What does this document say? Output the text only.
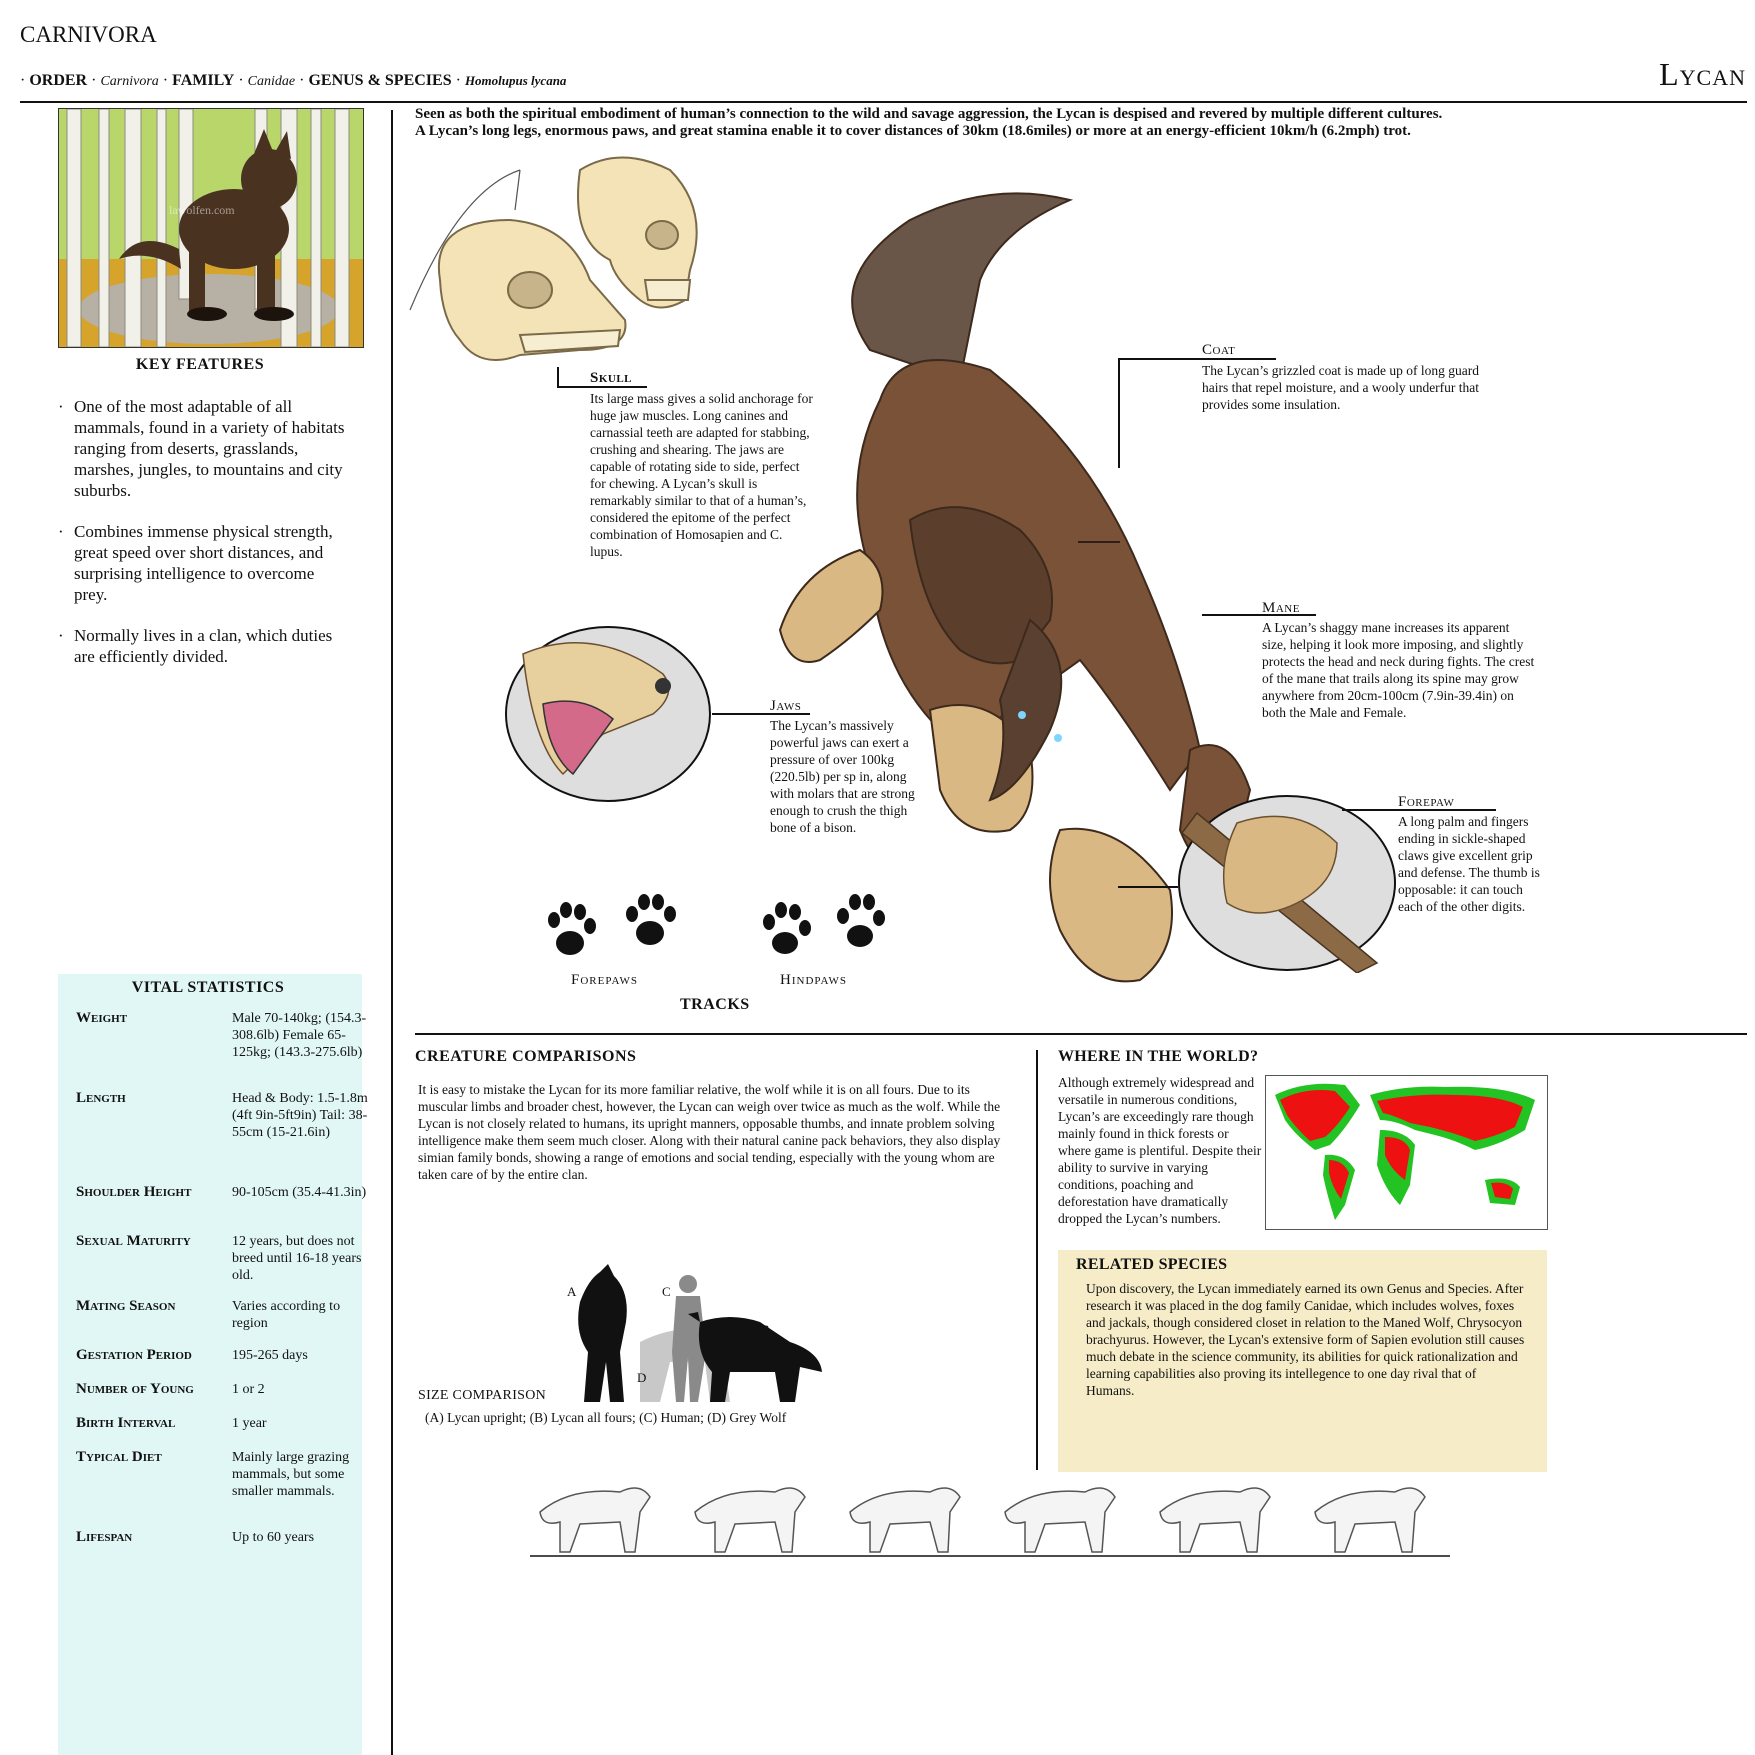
CARNIVORA
· ORDER · Carnivora · FAMILY · Canidae · GENUS & SPECIES · Homolupus lycana	Lycan
lawolfen.com
KEY FEATURES
· One of the most adaptable of all mammals, found in a variety of habitats ranging from deserts, grasslands, marshes, jungles, to mountains and city suburbs.
· Combines immense physical strength, great speed over short distances, and surprising intelligence to overcome prey.
· Normally lives in a clan, which duties are efficiently divided.
VITAL STATISTICS
Weight	Male 70-140kg; (154.3-308.6lb) Female 65-125kg; (143.3-275.6lb)
Length	Head & Body: 1.5-1.8m (4ft 9in-5ft9in) Tail: 38-55cm (15-21.6in)
Shoulder Height	90-105cm (35.4-41.3in)
Sexual Maturity	12 years, but does not breed until 16-18 years old.
Mating Season	Varies according to region
Gestation Period	195-265 days
Number of Young	1 or 2
Birth Interval	1 year
Typical Diet	Mainly large grazing mammals, but some smaller mammals.
Lifespan	Up to 60 years
Seen as both the spiritual embodiment of human’s connection to the wild and savage aggression, the Lycan is despised and revered by multiple different cultures.
A Lycan’s long legs, enormous paws, and great stamina enable it to cover distances of 30km (18.6miles) or more at an energy-efficient 10km/h (6.2mph) trot.
Skull
Its large mass gives a solid anchorage for huge jaw muscles. Long canines and carnassial teeth are adapted for stabbing, crushing and shearing. The jaws are capable of rotating side to side, perfect for chewing. A Lycan’s skull is remarkably similar to that of a human’s, considered the epitome of the perfect combination of Homosapien and C. lupus.
Coat
The Lycan’s grizzled coat is made up of long guard hairs that repel moisture, and a wooly underfur that provides some insulation.
Mane
A Lycan’s shaggy mane increases its apparent size, helping it look more imposing, and slightly protects the head and neck during fights. The crest of the mane that trails along its spine may grow anywhere from 20cm-100cm (7.9in-39.4in) on both the Male and Female.
Jaws
The Lycan’s massively powerful jaws can exert a pressure of over 100kg (220.5lb) per sp in, along with molars that are strong enough to crush the thigh bone of a bison.
Forepaw
A long palm and fingers ending in sickle-shaped claws give excellent grip and defense. The thumb is opposable: it can touch each of the other digits.
Forepaws	Hindpaws
TRACKS
CREATURE COMPARISONS
It is easy to mistake the Lycan for its more familiar relative, the wolf while it is on all fours. Due to its muscular limbs and broader chest, however, the Lycan can weigh over twice as much as the wolf. While the Lycan is not closely related to humans, its upright manners, opposable thumbs, and innate problem solving intelligence make them seem much closer. Along with their natural canine pack behaviors, they also display simian family bonds, showing a range of emotions and social tending, especially with the young whom are taken care of by the entire clan.
A	C
B
D
SIZE COMPARISON
(A) Lycan upright; (B) Lycan all fours; (C) Human; (D) Grey Wolf
WHERE IN THE WORLD?
Although extremely widespread and versatile in numerous conditions, Lycan’s are exceedingly rare though mainly found in thick forests or where game is plentiful. Despite their ability to survive in varying conditions, poaching and deforestation have dramatically dropped the Lycan’s numbers.
RELATED SPECIES
Upon discovery, the Lycan immediately earned its own Genus and Species. After research it was placed in the dog family Canidae, which includes wolves, foxes and jackals, though considered closet in relation to the Maned Wolf, Chrysocyon brachyurus. However, the Lycan's extensive form of Sapien evolution still causes much debate in the science community, its abilities for quick rationalization and learning capabilities also proving its intellegence to one day rival that of Humans.
